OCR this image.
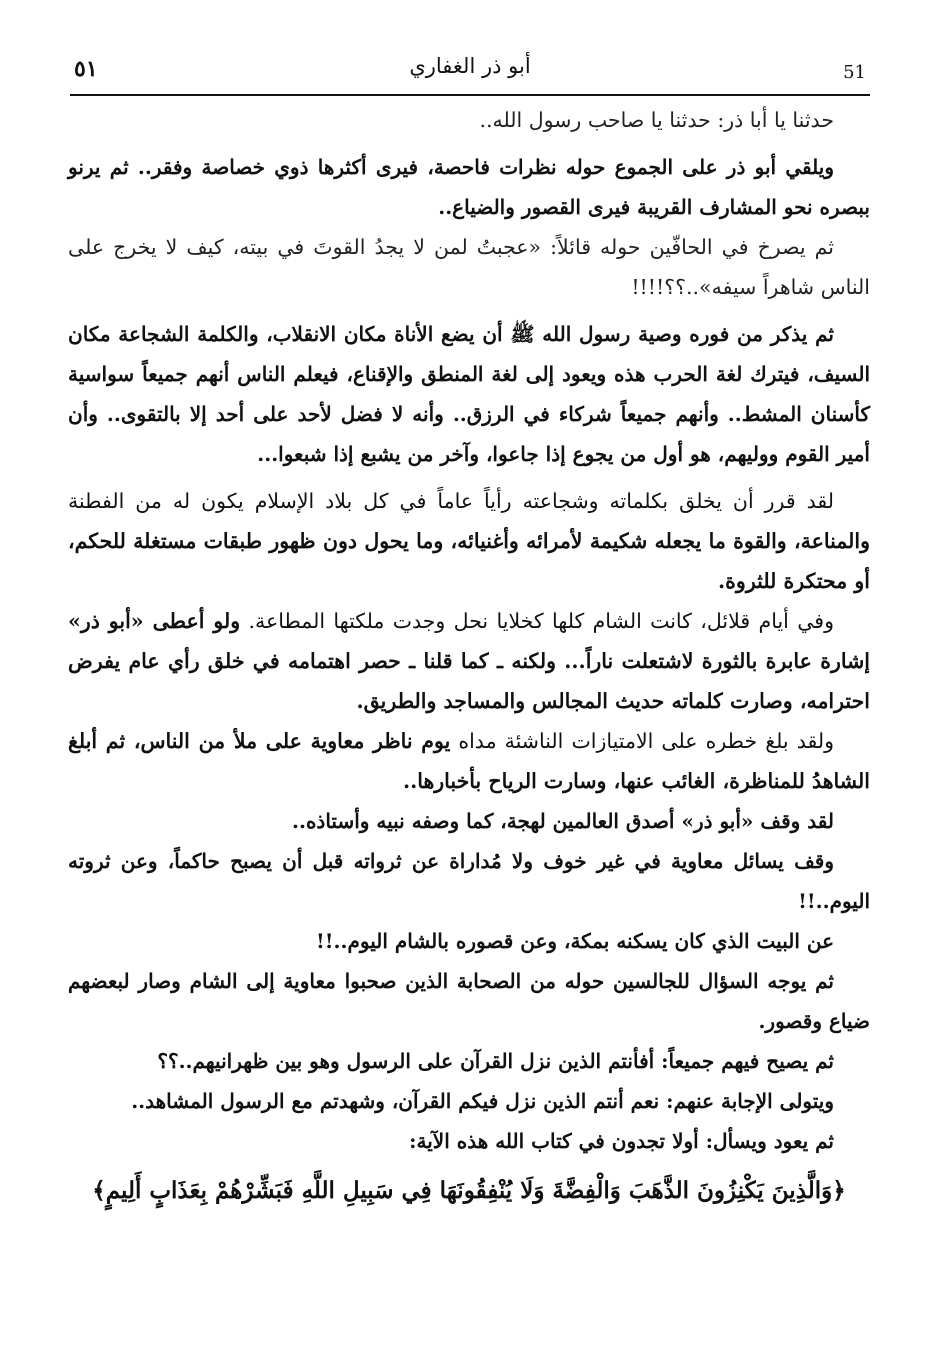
٥١	أبو ذر الغفاري	51

حدثنا يا أبا ذر: حدثنا يا صاحب رسول الله..

ويلقي أبو ذر على الجموع حوله نظرات فاحصة، فيرى أكثرها ذوي خصاصة وفقر.. ثم يرنو ببصره نحو المشارف القريبة فيرى القصور والضياع..

ثم يصرخ في الحافّين حوله قائلاً: «عجبتُ لمن لا يجدُ القوتَ في بيته، كيف لا يخرج على الناس شاهراً سيفه»..؟؟!!!!

ثم يذكر من فوره وصية رسول الله ﷺ أن يضع الأناة مكان الانقلاب، والكلمة الشجاعة مكان السيف، فيترك لغة الحرب هذه ويعود إلى لغة المنطق والإقناع، فيعلم الناس أنهم جميعاً سواسية كأسنان المشط.. وأنهم جميعاً شركاء في الرزق.. وأنه لا فضل لأحد على أحد إلا بالتقوى.. وأن أمير القوم ووليهم، هو أول من يجوع إذا جاعوا، وآخر من يشبع إذا شبعوا...

لقد قرر أن يخلق بكلماته وشجاعته رأياً عاماً في كل بلاد الإسلام يكون له من الفطنة والمناعة، والقوة ما يجعله شكيمة لأمرائه وأغنيائه، وما يحول دون ظهور طبقات مستغلة للحكم، أو محتكرة للثروة.

وفي أيام قلائل، كانت الشام كلها كخلايا نحل وجدت ملكتها المطاعة. ولو أعطى «أبو ذر» إشارة عابرة بالثورة لاشتعلت ناراً... ولكنه ـ كما قلنا ـ حصر اهتمامه في خلق رأي عام يفرض احترامه، وصارت كلماته حديث المجالس والمساجد والطريق.

ولقد بلغ خطره على الامتيازات الناشئة مداه يوم ناظر معاوية على ملأ من الناس، ثم أبلغ الشاهدُ للمناظرة، الغائب عنها، وسارت الرياح بأخبارها..

لقد وقف «أبو ذر» أصدق العالمين لهجة، كما وصفه نبيه وأستاذه..

وقف يسائل معاوية في غير خوف ولا مُداراة عن ثرواته قبل أن يصبح حاكماً، وعن ثروته اليوم..!!

عن البيت الذي كان يسكنه بمكة، وعن قصوره بالشام اليوم..!!

ثم يوجه السؤال للجالسين حوله من الصحابة الذين صحبوا معاوية إلى الشام وصار لبعضهم ضياع وقصور.

ثم يصيح فيهم جميعاً: أفأنتم الذين نزل القرآن على الرسول وهو بين ظهرانيهم..؟؟

ويتولى الإجابة عنهم: نعم أنتم الذين نزل فيكم القرآن، وشهدتم مع الرسول المشاهد..

ثم يعود ويسأل: أولا تجدون في كتاب الله هذه الآية:

﴿وَالَّذِينَ يَكْنِزُونَ الذَّهَبَ وَالْفِضَّةَ وَلَا يُنْفِقُونَهَا فِي سَبِيلِ اللَّهِ فَبَشِّرْهُمْ بِعَذَابٍ أَلِيمٍ﴾
